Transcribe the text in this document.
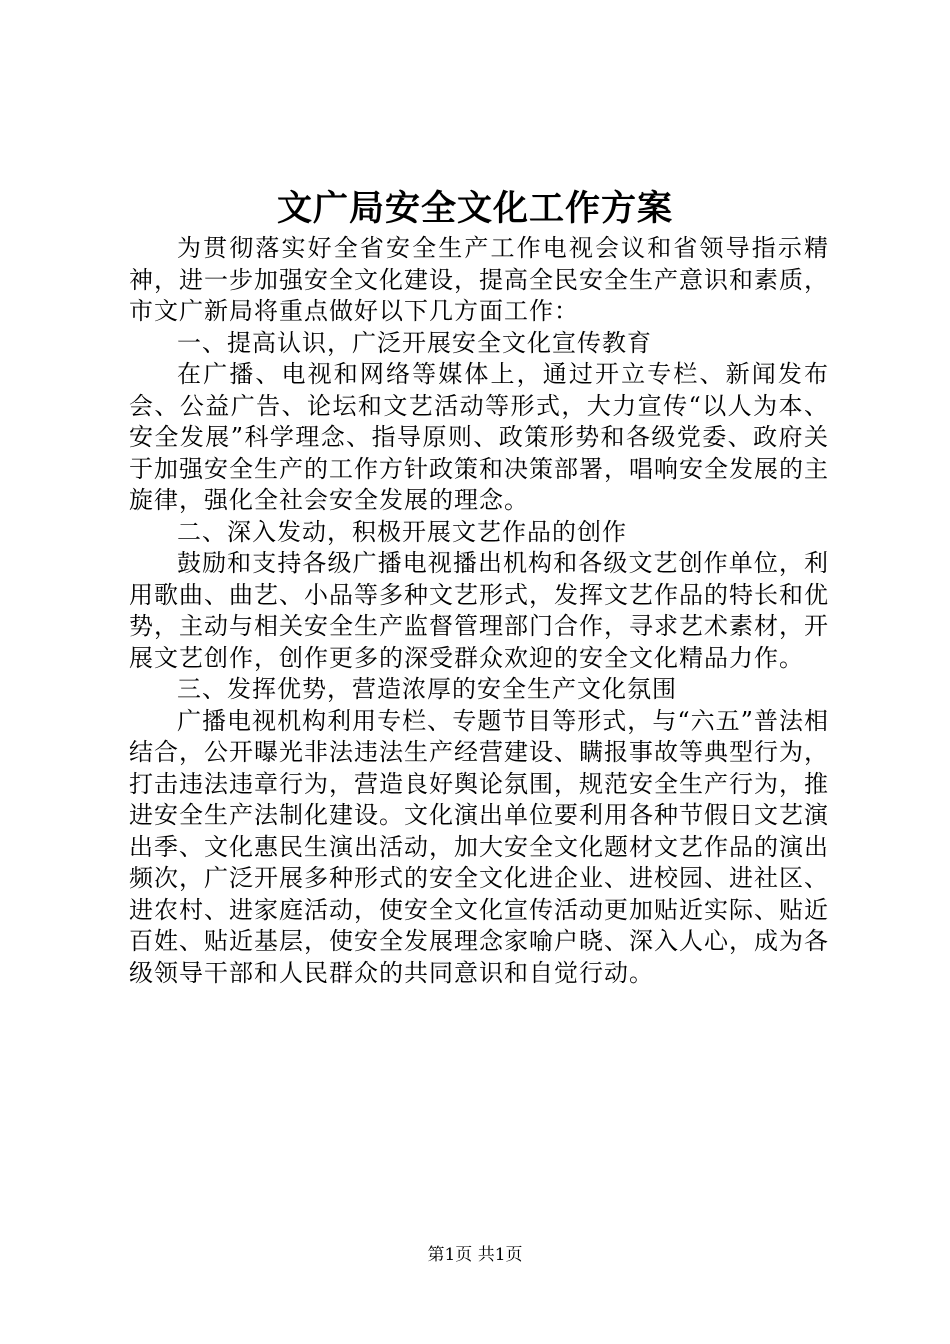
文广局安全文化工作方案

为贯彻落实好全省安全生产工作电视会议和省领导指示精神，进一步加强安全文化建设，提高全民安全生产意识和素质，市文广新局将重点做好以下几方面工作：

一、提高认识，广泛开展安全文化宣传教育

在广播、电视和网络等媒体上，通过开立专栏、新闻发布会、公益广告、论坛和文艺活动等形式，大力宣传“以人为本、安全发展”科学理念、指导原则、政策形势和各级党委、政府关于加强安全生产的工作方针政策和决策部署，唱响安全发展的主旋律，强化全社会安全发展的理念。

二、深入发动，积极开展文艺作品的创作

鼓励和支持各级广播电视播出机构和各级文艺创作单位，利用歌曲、曲艺、小品等多种文艺形式，发挥文艺作品的特长和优势，主动与相关安全生产监督管理部门合作，寻求艺术素材，开展文艺创作，创作更多的深受群众欢迎的安全文化精品力作。

三、发挥优势，营造浓厚的安全生产文化氛围

广播电视机构利用专栏、专题节目等形式，与“六五”普法相结合，公开曝光非法违法生产经营建设、瞒报事故等典型行为，打击违法违章行为，营造良好舆论氛围，规范安全生产行为，推进安全生产法制化建设。文化演出单位要利用各种节假日文艺演出季、文化惠民生演出活动，加大安全文化题材文艺作品的演出频次，广泛开展多种形式的安全文化进企业、进校园、进社区、进农村、进家庭活动，使安全文化宣传活动更加贴近实际、贴近百姓、贴近基层，使安全发展理念家喻户晓、深入人心，成为各级领导干部和人民群众的共同意识和自觉行动。

第1页 共1页
